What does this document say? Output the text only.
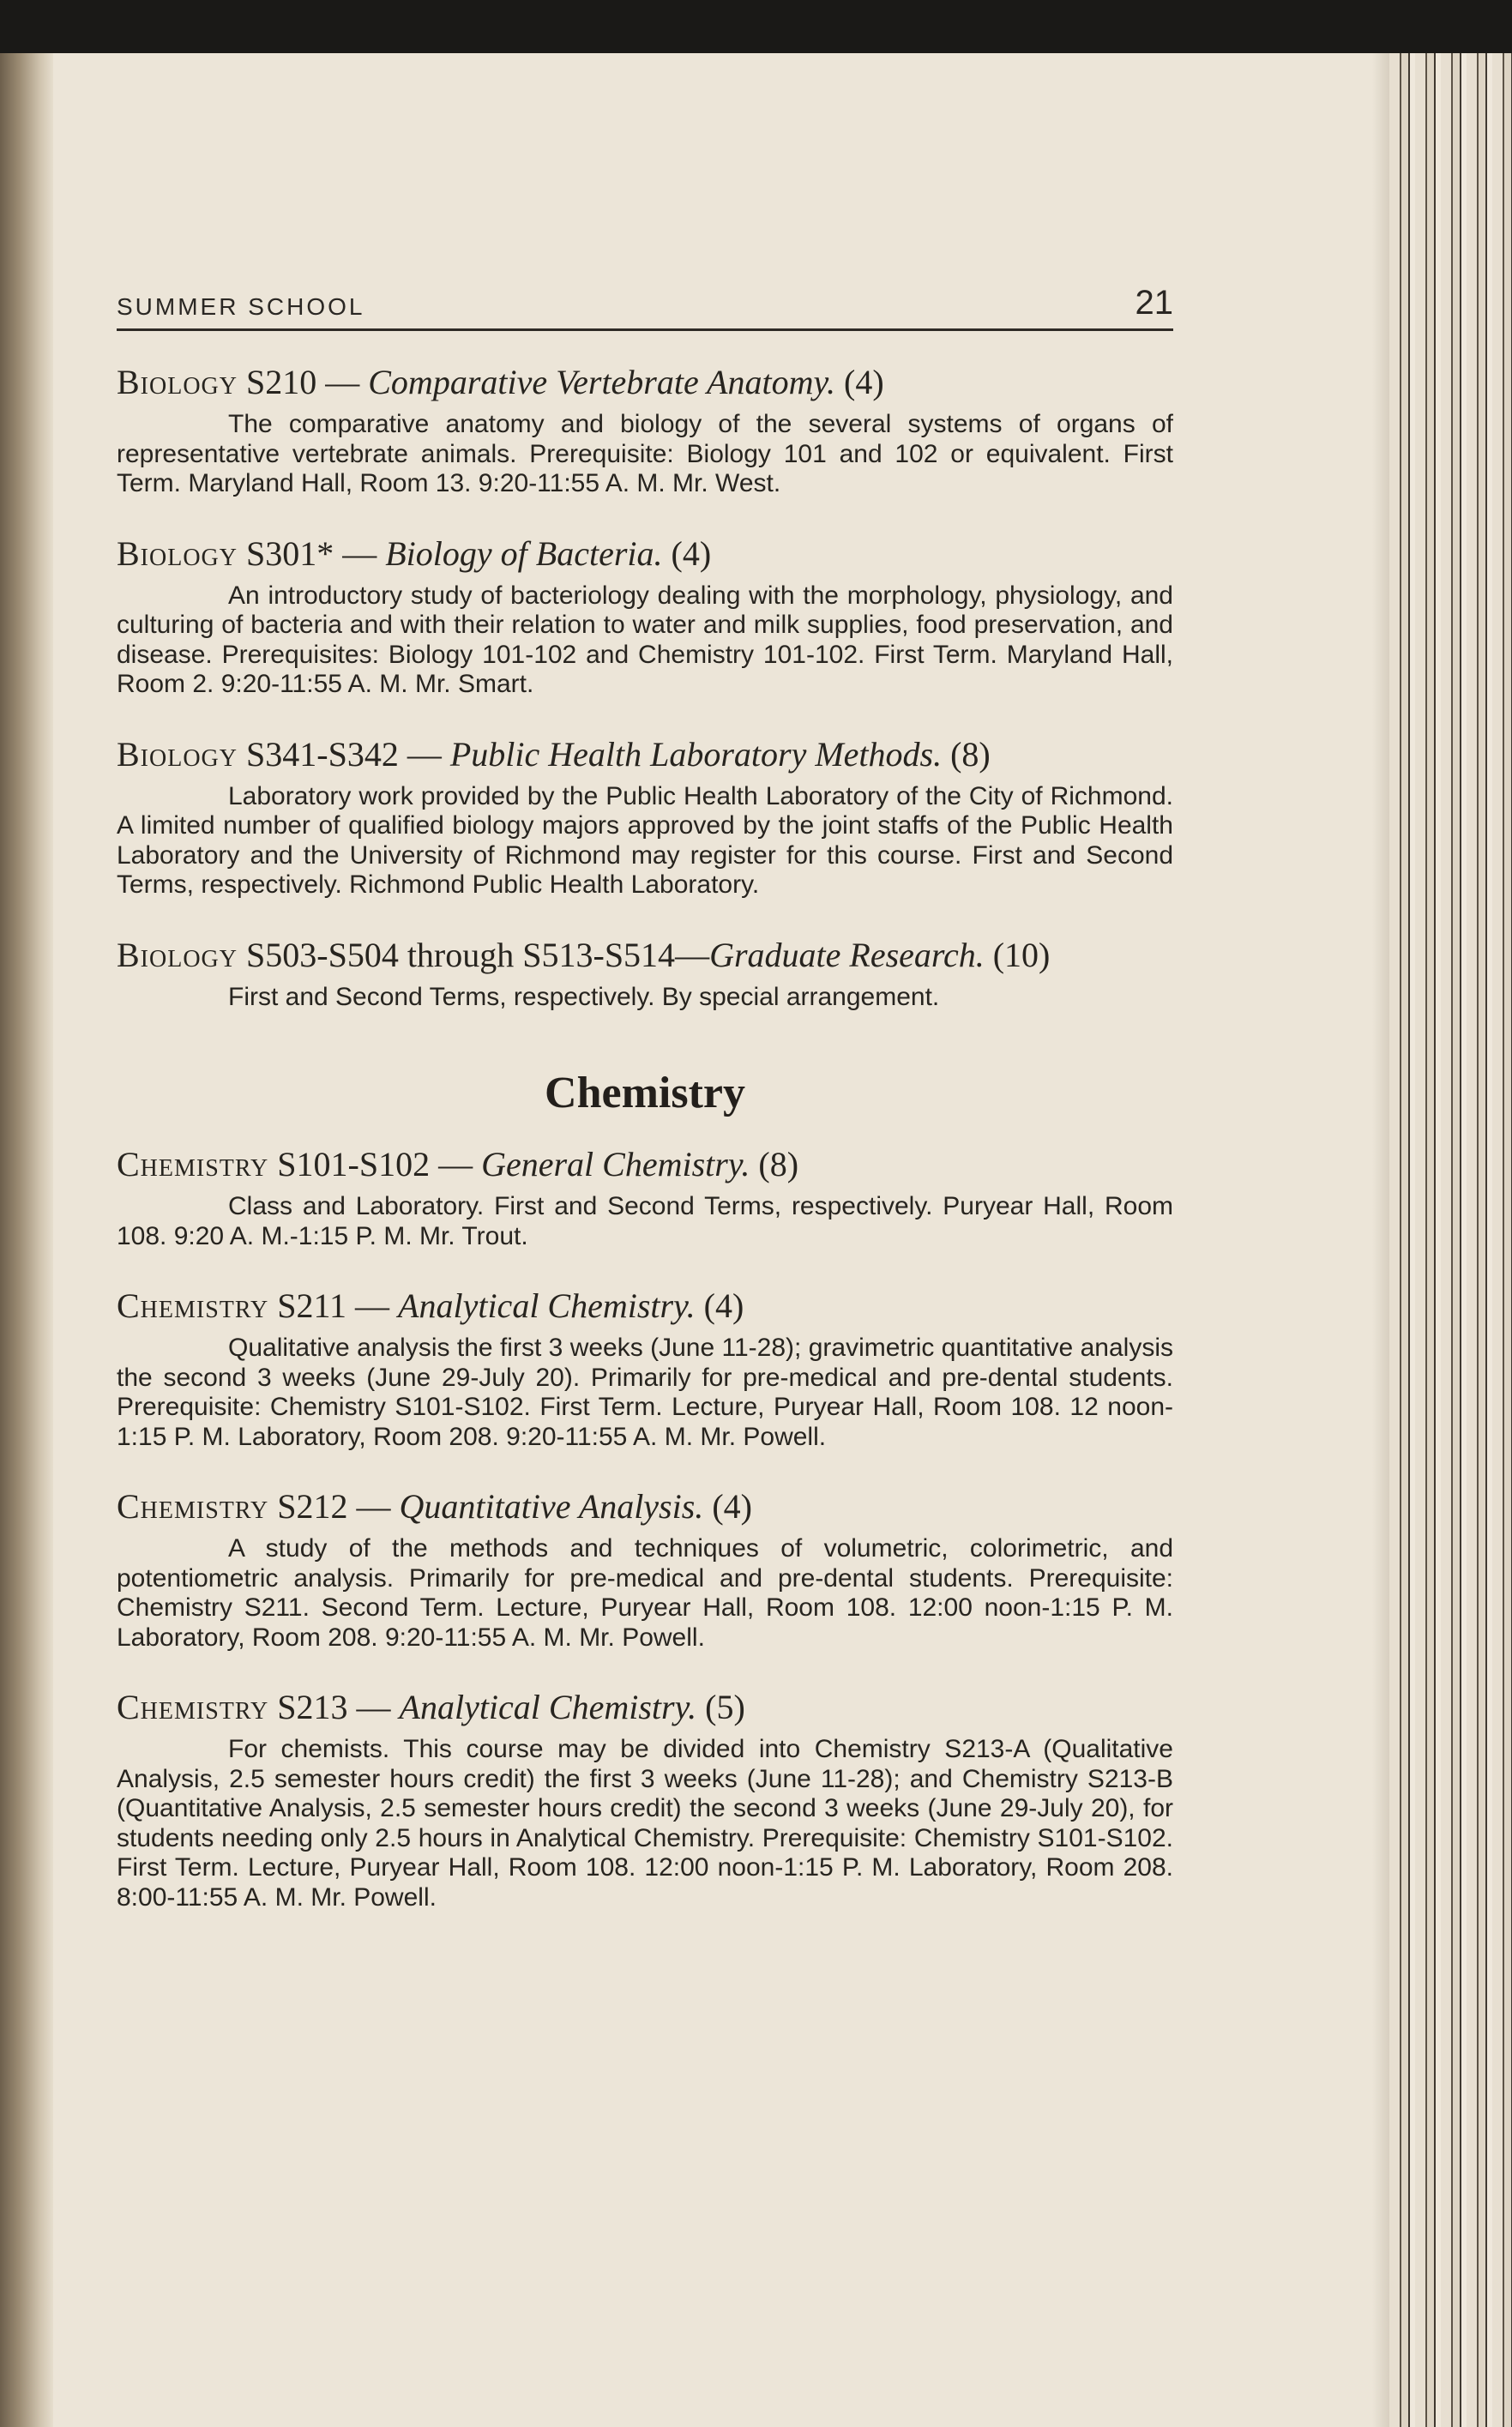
SUMMER SCHOOL	21

Biology S210 — Comparative Vertebrate Anatomy. (4)

The comparative anatomy and biology of the several systems of organs of representative vertebrate animals. Prerequisite: Biology 101 and 102 or equivalent. First Term. Maryland Hall, Room 13. 9:20-11:55 A. M. Mr. West.

Biology S301* — Biology of Bacteria. (4)

An introductory study of bacteriology dealing with the morphology, physiology, and culturing of bacteria and with their relation to water and milk supplies, food preservation, and disease. Prerequisites: Biology 101-102 and Chemistry 101-102. First Term. Maryland Hall, Room 2. 9:20-11:55 A. M. Mr. Smart.

Biology S341-S342 — Public Health Laboratory Methods. (8)

Laboratory work provided by the Public Health Laboratory of the City of Richmond. A limited number of qualified biology majors approved by the joint staffs of the Public Health Laboratory and the University of Richmond may register for this course. First and Second Terms, respectively. Richmond Public Health Laboratory.

Biology S503-S504 through S513-S514—Graduate Research. (10)

First and Second Terms, respectively. By special arrangement.

Chemistry

Chemistry S101-S102 — General Chemistry. (8)

Class and Laboratory. First and Second Terms, respectively. Puryear Hall, Room 108. 9:20 A. M.-1:15 P. M. Mr. Trout.

Chemistry S211 — Analytical Chemistry. (4)

Qualitative analysis the first 3 weeks (June 11-28); gravimetric quantitative analysis the second 3 weeks (June 29-July 20). Primarily for pre-medical and pre-dental students. Prerequisite: Chemistry S101-S102. First Term. Lecture, Puryear Hall, Room 108. 12 noon-1:15 P. M. Laboratory, Room 208. 9:20-11:55 A. M. Mr. Powell.

Chemistry S212 — Quantitative Analysis. (4)

A study of the methods and techniques of volumetric, colorimetric, and potentiometric analysis. Primarily for pre-medical and pre-dental students. Prerequisite: Chemistry S211. Second Term. Lecture, Puryear Hall, Room 108. 12:00 noon-1:15 P. M. Laboratory, Room 208. 9:20-11:55 A. M. Mr. Powell.

Chemistry S213 — Analytical Chemistry. (5)

For chemists. This course may be divided into Chemistry S213-A (Qualitative Analysis, 2.5 semester hours credit) the first 3 weeks (June 11-28); and Chemistry S213-B (Quantitative Analysis, 2.5 semester hours credit) the second 3 weeks (June 29-July 20), for students needing only 2.5 hours in Analytical Chemistry. Prerequisite: Chemistry S101-S102. First Term. Lecture, Puryear Hall, Room 108. 12:00 noon-1:15 P. M. Laboratory, Room 208. 8:00-11:55 A. M. Mr. Powell.
